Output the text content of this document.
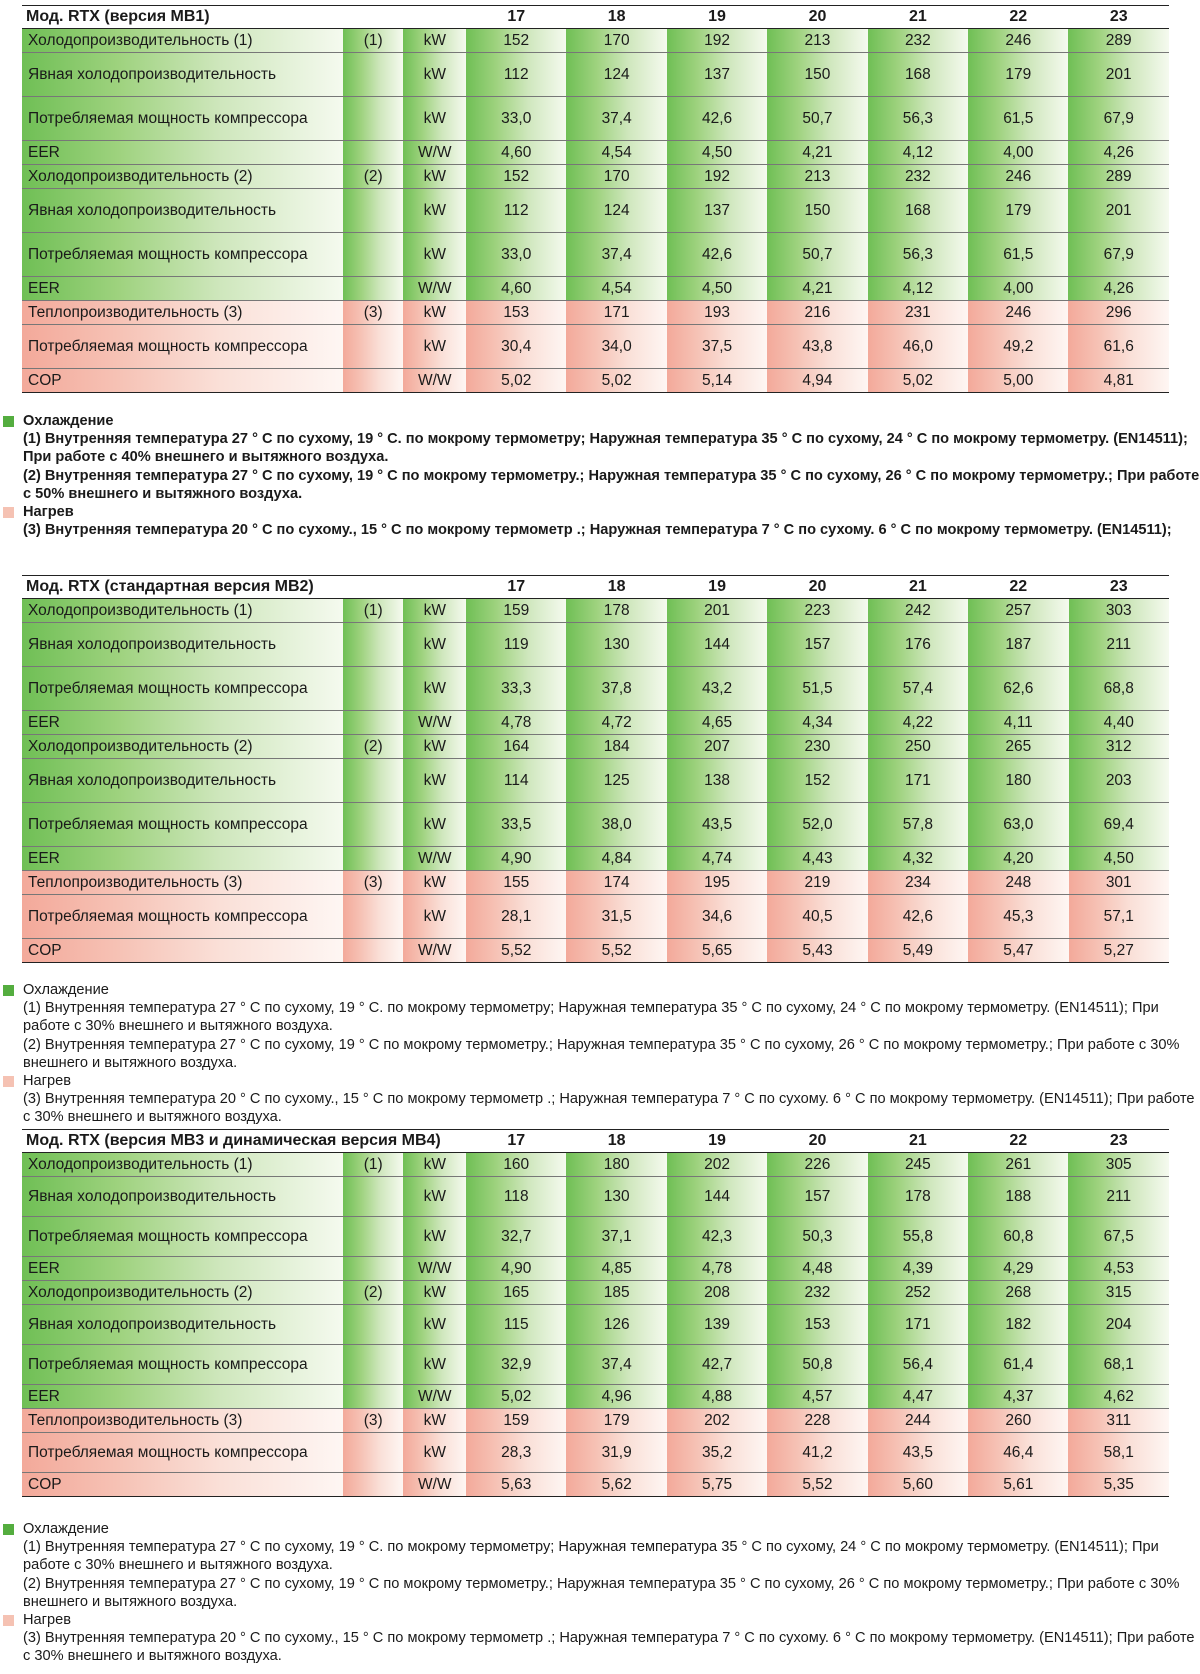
Мод. RTX (версия MB1)			17	18	19	20	21	22	23
Холодопроизводительность (1)	(1)	kW	152	170	192	213	232	246	289
Явная холодопроизводительность		kW	112	124	137	150	168	179	201
Потребляемая мощность компрессора		kW	33,0	37,4	42,6	50,7	56,3	61,5	67,9
EER		W/W	4,60	4,54	4,50	4,21	4,12	4,00	4,26
Холодопроизводительность (2)	(2)	kW	152	170	192	213	232	246	289
Явная холодопроизводительность		kW	112	124	137	150	168	179	201
Потребляемая мощность компрессора		kW	33,0	37,4	42,6	50,7	56,3	61,5	67,9
EER		W/W	4,60	4,54	4,50	4,21	4,12	4,00	4,26
Теплопроизводительность (3)	(3)	kW	153	171	193	216	231	246	296
Потребляемая мощность компрессора		kW	30,4	34,0	37,5	43,8	46,0	49,2	61,6
COP		W/W	5,02	5,02	5,14	4,94	5,02	5,00	4,81
Охлаждение
(1) Внутренняя температура 27 ° C по сухому, 19 ° C. по мокрому термометру; Наружная температура 35 ° C по сухому, 24 ° C по мокрому термометру. (EN14511); При работе с 40% внешнего и вытяжного воздуха.
(2) Внутренняя температура 27 ° C по сухому, 19 ° C по мокрому термометру.; Наружная температура 35 ° C по сухому, 26 ° C по мокрому термометру.; При работе с 50% внешнего и вытяжного воздуха.
Нагрев
(3) Внутренняя температура 20 ° C по сухому., 15 ° C по мокрому термометр .; Наружная температура 7 ° C по сухому. 6 ° C по мокрому термометру. (EN14511);
Мод. RTX (стандартная версия MB2)			17	18	19	20	21	22	23
Холодопроизводительность (1)	(1)	kW	159	178	201	223	242	257	303
Явная холодопроизводительность		kW	119	130	144	157	176	187	211
Потребляемая мощность компрессора		kW	33,3	37,8	43,2	51,5	57,4	62,6	68,8
EER		W/W	4,78	4,72	4,65	4,34	4,22	4,11	4,40
Холодопроизводительность (2)	(2)	kW	164	184	207	230	250	265	312
Явная холодопроизводительность		kW	114	125	138	152	171	180	203
Потребляемая мощность компрессора		kW	33,5	38,0	43,5	52,0	57,8	63,0	69,4
EER		W/W	4,90	4,84	4,74	4,43	4,32	4,20	4,50
Теплопроизводительность (3)	(3)	kW	155	174	195	219	234	248	301
Потребляемая мощность компрессора		kW	28,1	31,5	34,6	40,5	42,6	45,3	57,1
COP		W/W	5,52	5,52	5,65	5,43	5,49	5,47	5,27
Охлаждение
(1) Внутренняя температура 27 ° C по сухому, 19 ° C. по мокрому термометру; Наружная температура 35 ° C по сухому, 24 ° C по мокрому термометру. (EN14511); При работе с 30% внешнего и вытяжного воздуха.
(2) Внутренняя температура 27 ° C по сухому, 19 ° C по мокрому термометру.; Наружная температура 35 ° C по сухому, 26 ° C по мокрому термометру.; При работе с 30% внешнего и вытяжного воздуха.
Нагрев
(3) Внутренняя температура 20 ° C по сухому., 15 ° C по мокрому термометр .; Наружная температура 7 ° C по сухому. 6 ° C по мокрому термометру. (EN14511); При работе с 30% внешнего и вытяжного воздуха.
Мод. RTX (версия MB3 и динамическая версия MB4)			17	18	19	20	21	22	23
Холодопроизводительность (1)	(1)	kW	160	180	202	226	245	261	305
Явная холодопроизводительность		kW	118	130	144	157	178	188	211
Потребляемая мощность компрессора		kW	32,7	37,1	42,3	50,3	55,8	60,8	67,5
EER		W/W	4,90	4,85	4,78	4,48	4,39	4,29	4,53
Холодопроизводительность (2)	(2)	kW	165	185	208	232	252	268	315
Явная холодопроизводительность		kW	115	126	139	153	171	182	204
Потребляемая мощность компрессора		kW	32,9	37,4	42,7	50,8	56,4	61,4	68,1
EER		W/W	5,02	4,96	4,88	4,57	4,47	4,37	4,62
Теплопроизводительность (3)	(3)	kW	159	179	202	228	244	260	311
Потребляемая мощность компрессора		kW	28,3	31,9	35,2	41,2	43,5	46,4	58,1
COP		W/W	5,63	5,62	5,75	5,52	5,60	5,61	5,35
Охлаждение
(1) Внутренняя температура 27 ° C по сухому, 19 ° C. по мокрому термометру; Наружная температура 35 ° C по сухому, 24 ° C по мокрому термометру. (EN14511); При работе с 30% внешнего и вытяжного воздуха.
(2) Внутренняя температура 27 ° C по сухому, 19 ° C по мокрому термометру.; Наружная температура 35 ° C по сухому, 26 ° C по мокрому термометру.; При работе с 30% внешнего и вытяжного воздуха.
Нагрев
(3) Внутренняя температура 20 ° C по сухому., 15 ° C по мокрому термометр .; Наружная температура 7 ° C по сухому. 6 ° C по мокрому термометру. (EN14511); При работе с 30% внешнего и вытяжного воздуха.
